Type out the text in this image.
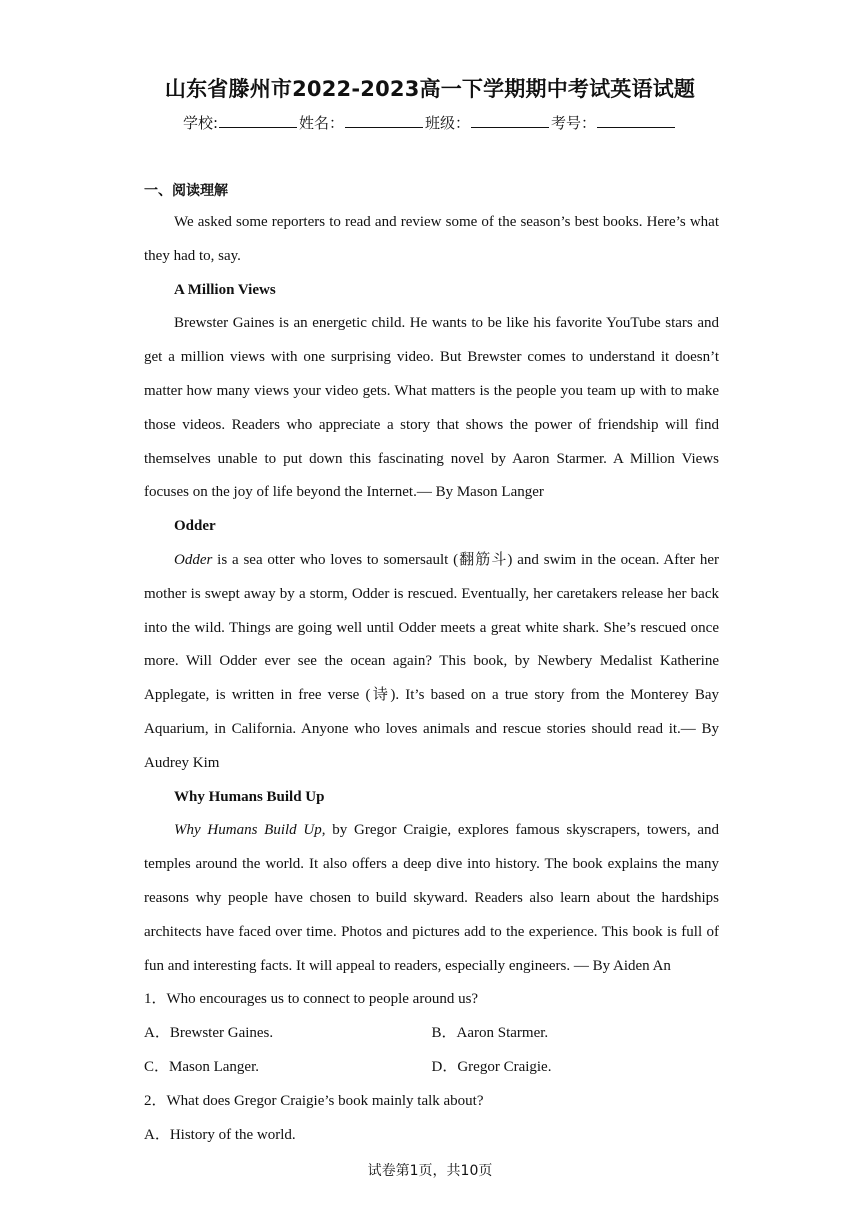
山东省滕州市2022-2023高一下学期期中考试英语试题
学校:	姓名：	班级：	考号：
一、阅读理解

We asked some reporters to read and review some of the season’s best books. Here’s what they had to, say.

A Million Views

Brewster Gaines is an energetic child. He wants to be like his favorite YouTube stars and get a million views with one surprising video. But Brewster comes to understand it doesn’t matter how many views your video gets. What matters is the people you team up with to make those videos. Readers who appreciate a story that shows the power of friendship will find themselves unable to put down this fascinating novel by Aaron Starmer. A Million Views focuses on the joy of life beyond the Internet.— By Mason Langer

Odder

Odder is a sea otter who loves to somersault (翻筋斗) and swim in the ocean. After her mother is swept away by a storm, Odder is rescued. Eventually, her caretakers release her back into the wild. Things are going well until Odder meets a great white shark. She’s rescued once more. Will Odder ever see the ocean again? This book, by Newbery Medalist Katherine Applegate, is written in free verse (诗). It’s based on a true story from the Monterey Bay Aquarium, in California. Anyone who loves animals and rescue stories should read it.— By Audrey Kim

Why Humans Build Up

Why Humans Build Up, by Gregor Craigie, explores famous skyscrapers, towers, and temples around the world. It also offers a deep dive into history. The book explains the many reasons why people have chosen to build skyward. Readers also learn about the hardships architects have faced over time. Photos and pictures add to the experience. This book is full of fun and interesting facts. It will appeal to readers, especially engineers. — By Aiden An

1．Who encourages us to connect to people around us?

A．Brewster Gaines.	B．Aaron Starmer.
C．Mason Langer.	D．Gregor Craigie.

2．What does Gregor Craigie’s book mainly talk about?

A．History of the world.
试卷第1页，共10页
